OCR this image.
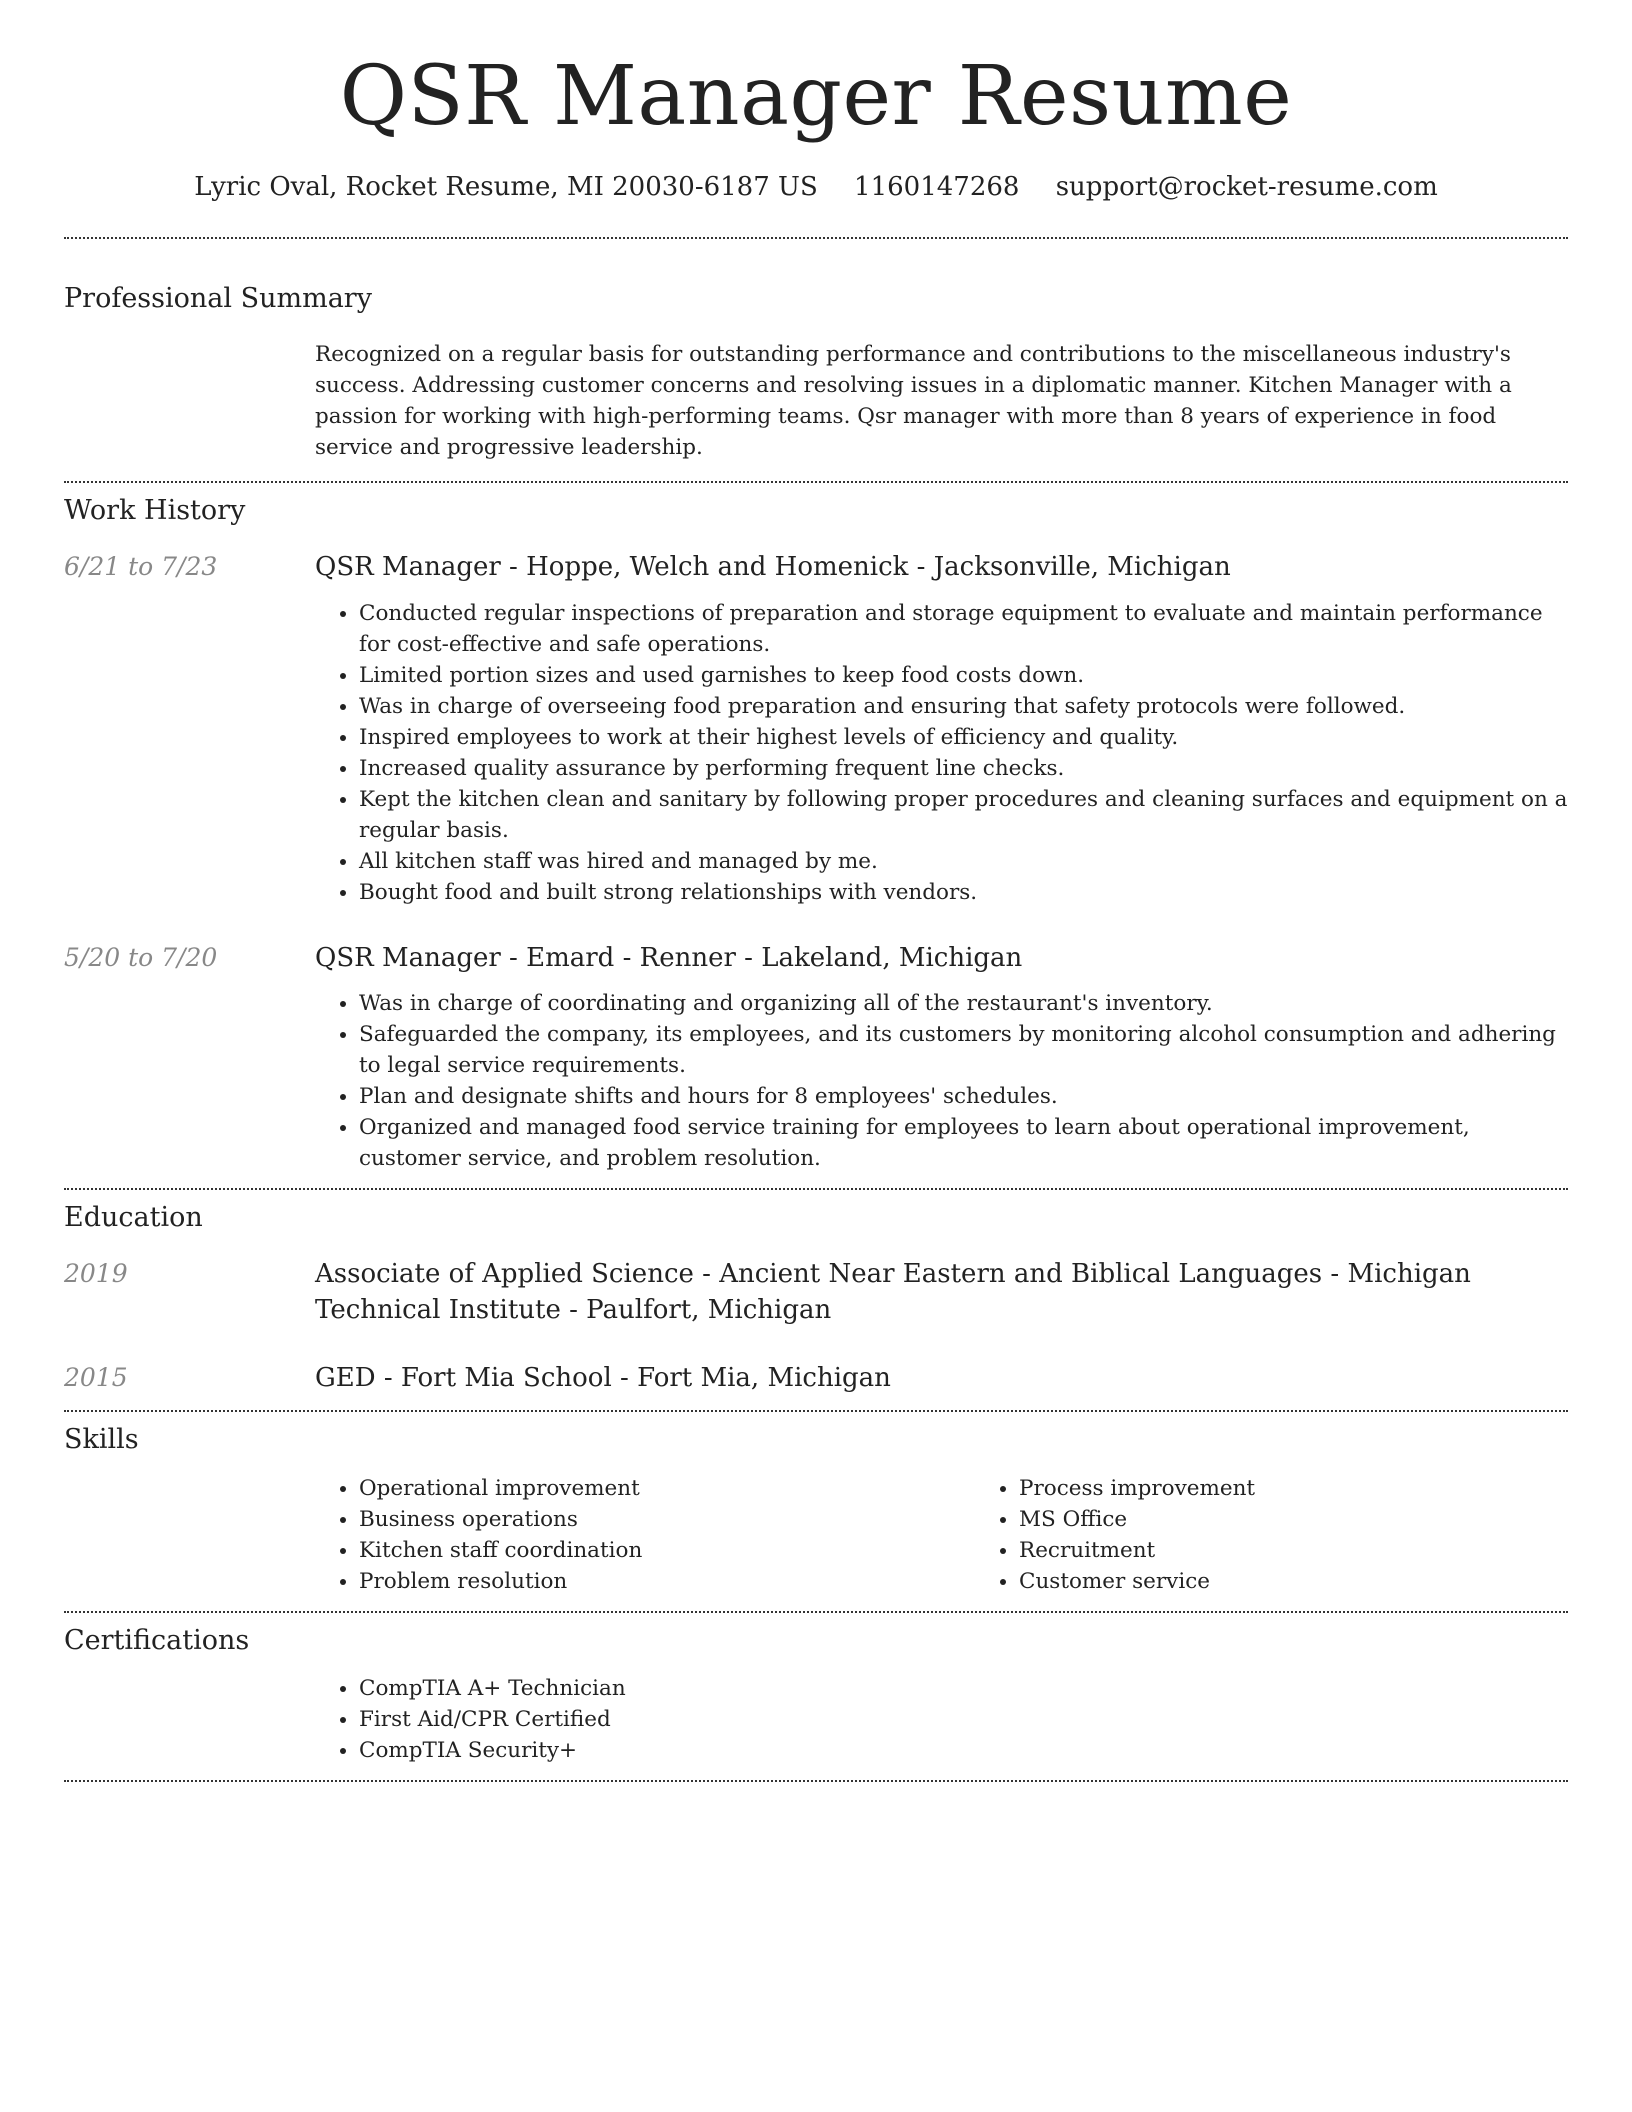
QSR Manager Resume
Lyric Oval, Rocket Resume, MI 20030-6187 US 1160147268 support@rocket-resume.com
Professional Summary

Recognized on a regular basis for outstanding performance and contributions to the miscellaneous industry's success. Addressing customer concerns and resolving issues in a diplomatic manner. Kitchen Manager with a passion for working with high-performing teams. Qsr manager with more than 8 years of experience in food service and progressive leadership.

Work History
6/21 to 7/23	QSR Manager - Hoppe, Welch and Homenick - Jacksonville, Michigan
• Conducted regular inspections of preparation and storage equipment to evaluate and maintain performance for cost-effective and safe operations.
• Limited portion sizes and used garnishes to keep food costs down.
• Was in charge of overseeing food preparation and ensuring that safety protocols were followed.
• Inspired employees to work at their highest levels of efficiency and quality.
• Increased quality assurance by performing frequent line checks.
• Kept the kitchen clean and sanitary by following proper procedures and cleaning surfaces and equipment on a regular basis.
• All kitchen staff was hired and managed by me.
• Bought food and built strong relationships with vendors.
5/20 to 7/20	QSR Manager - Emard - Renner - Lakeland, Michigan
• Was in charge of coordinating and organizing all of the restaurant's inventory.
• Safeguarded the company, its employees, and its customers by monitoring alcohol consumption and adhering to legal service requirements.
• Plan and designate shifts and hours for 8 employees' schedules.
• Organized and managed food service training for employees to learn about operational improvement, customer service, and problem resolution.
Education
2019	Associate of Applied Science - Ancient Near Eastern and Biblical Languages - Michigan Technical Institute - Paulfort, Michigan
2015	GED - Fort Mia School - Fort Mia, Michigan
Skills
• Operational improvement
• Business operations
• Kitchen staff coordination
• Problem resolution
• Process improvement
• MS Office
• Recruitment
• Customer service
Certifications
• CompTIA A+ Technician
• First Aid/CPR Certified
• CompTIA Security+
